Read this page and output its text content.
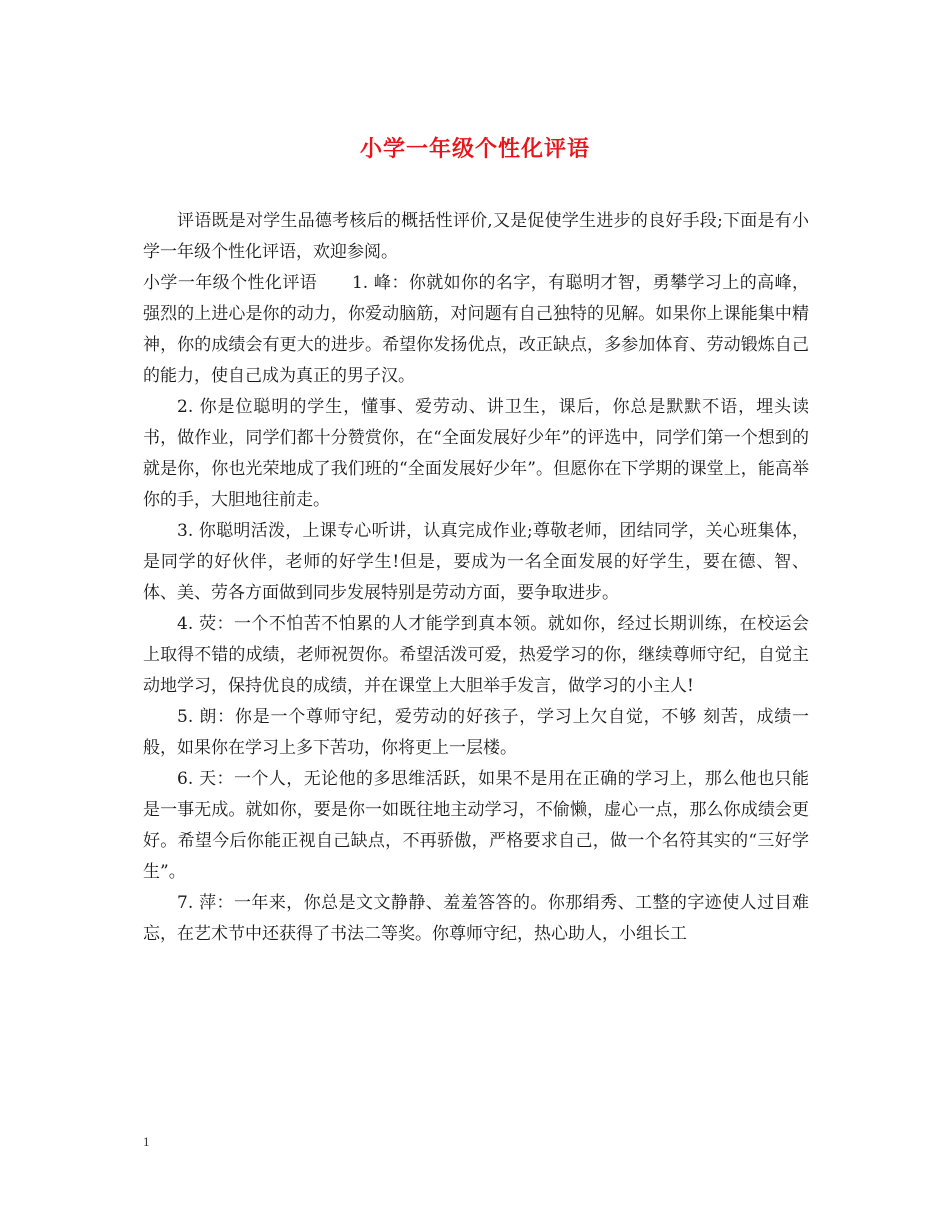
小学一年级个性化评语

评语既是对学生品德考核后的概括性评价,又是促使学生进步的良好手段;下面是有小学一年级个性化评语，欢迎参阅。

小学一年级个性化评语　　1. 峰：你就如你的名字，有聪明才智，勇攀学习上的高峰，强烈的上进心是你的动力，你爱动脑筋，对问题有自己独特的见解。如果你上课能集中精神，你的成绩会有更大的进步。希望你发扬优点，改正缺点，多参加体育、劳动锻炼自己的能力，使自己成为真正的男子汉。

2. 你是位聪明的学生，懂事、爱劳动、讲卫生，课后，你总是默默不语，埋头读书，做作业，同学们都十分赞赏你，在“全面发展好少年”的评选中，同学们第一个想到的就是你，你也光荣地成了我们班的“全面发展好少年”。但愿你在下学期的课堂上，能高举你的手，大胆地往前走。

3. 你聪明活泼，上课专心听讲，认真完成作业;尊敬老师，团结同学，关心班集体，是同学的好伙伴，老师的好学生!但是，要成为一名全面发展的好学生，要在德、智、体、美、劳各方面做到同步发展特别是劳动方面，要争取进步。

4. 荧：一个不怕苦不怕累的人才能学到真本领。就如你，经过长期训练，在校运会上取得不错的成绩，老师祝贺你。希望活泼可爱，热爱学习的你，继续尊师守纪，自觉主动地学习，保持优良的成绩，并在课堂上大胆举手发言，做学习的小主人!

5. 朗：你是一个尊师守纪，爱劳动的好孩子，学习上欠自觉，不够 刻苦，成绩一般，如果你在学习上多下苦功，你将更上一层楼。

6. 天：一个人，无论他的多思维活跃，如果不是用在正确的学习上，那么他也只能是一事无成。就如你，要是你一如既往地主动学习，不偷懒，虚心一点，那么你成绩会更好。希望今后你能正视自己缺点，不再骄傲，严格要求自己，做一个名符其实的“三好学生”。

7. 萍：一年来，你总是文文静静、羞羞答答的。你那绢秀、工整的字迹使人过目难忘，在艺术节中还获得了书法二等奖。你尊师守纪，热心助人，小组长工

1
